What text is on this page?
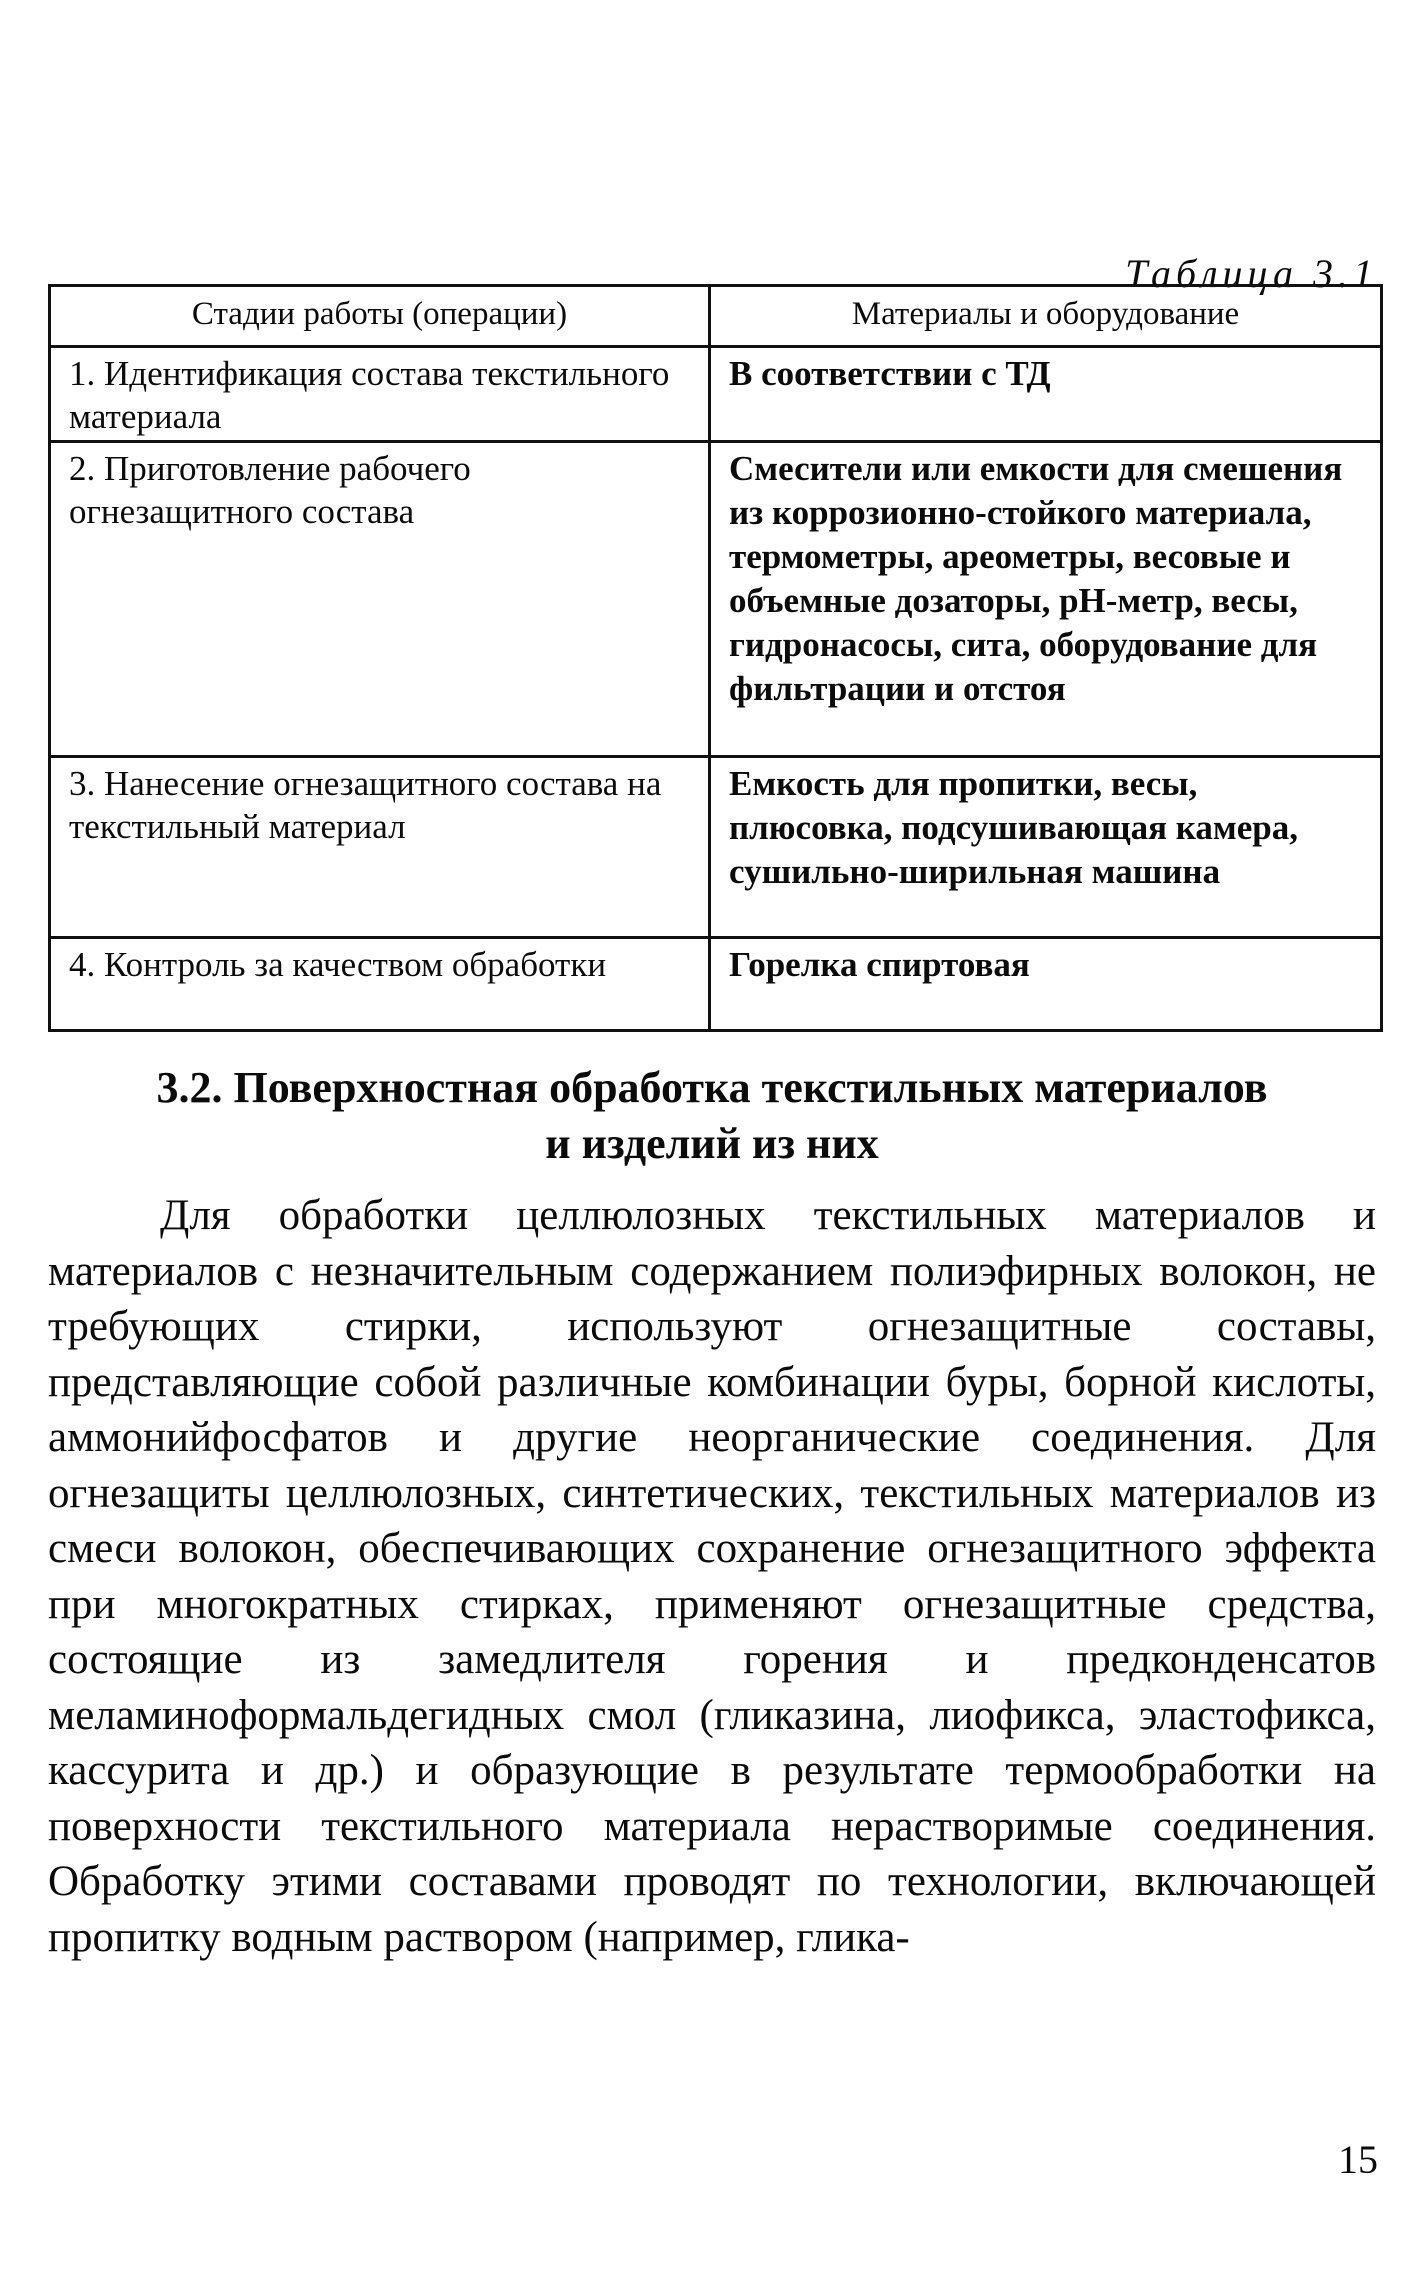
Таблица 3.1
Стадии работы (операции)	Материалы и оборудование
1. Идентификация состава текстильного материала	В соответствии с ТД
2. Приготовление рабочего огнезащитного состава	Смесители или емкости для смешения из коррозионно-стойкого материала, термометры, ареометры, весовые и объемные дозаторы, pH-метр, весы, гидронасосы, сита, оборудование для фильтрации и отстоя
3. Нанесение огнезащитного состава на текстильный материал	Емкость для пропитки, весы, плюсовка, подсушивающая камера, сушильно-ширильная машина
4. Контроль за качеством обработки	Горелка спиртовая
3.2. Поверхностная обработка текстильных материалов
и изделий из них
Для обработки целлюлозных текстильных материалов и материалов с незначительным содержанием полиэфирных волокон, не требующих стирки, используют огнезащитные составы, представляющие собой различные комбинации буры, борной кислоты, аммонийфосфатов и другие неорганические соединения. Для огнезащиты целлюлозных, синтетических, текстильных материалов из смеси волокон, обеспечивающих сохранение огнезащитного эффекта при многократных стирках, применяют огнезащитные средства, состоящие из замедлителя горения и предконденсатов меламиноформальдегидных смол (гликазина, лиофикса, эластофикса, кассурита и др.) и образующие в результате термообработки на поверхности текстильного материала нерастворимые соединения. Обработку этими составами проводят по технологии, включающей пропитку водным раствором (например, глика-
15
